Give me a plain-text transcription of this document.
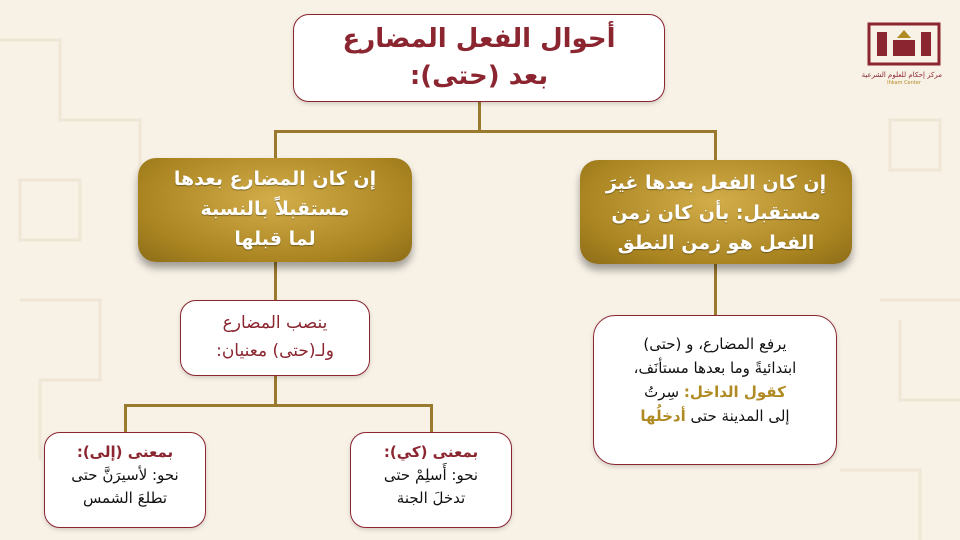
أحوال الفعل المضارع
بعد (حتى):
إن كان المضارع بعدها
مستقبلاً بالنسبة
لما قبلها
إن كان الفعل بعدها غيرَ
مستقبل: بأن كان زمن
الفعل هو زمن النطق
ينصب المضارع
ولـ(حتى) معنيان:	يرفع المضارع، و (حتى)
ابتدائيةً وما بعدها مستأنَف،
كقول الداخل: سِرتُ
إلى المدينة حتى أدخلُها
بمعنى (كي):
نحو: أَسلِمْ حتى
تدخلَ الجنة
بمعنى (إلى):
نحو: لأسيرَنَّ حتى
تطلعَ الشمس
مركز إحكام للعلوم الشرعية
Ihkam Center
